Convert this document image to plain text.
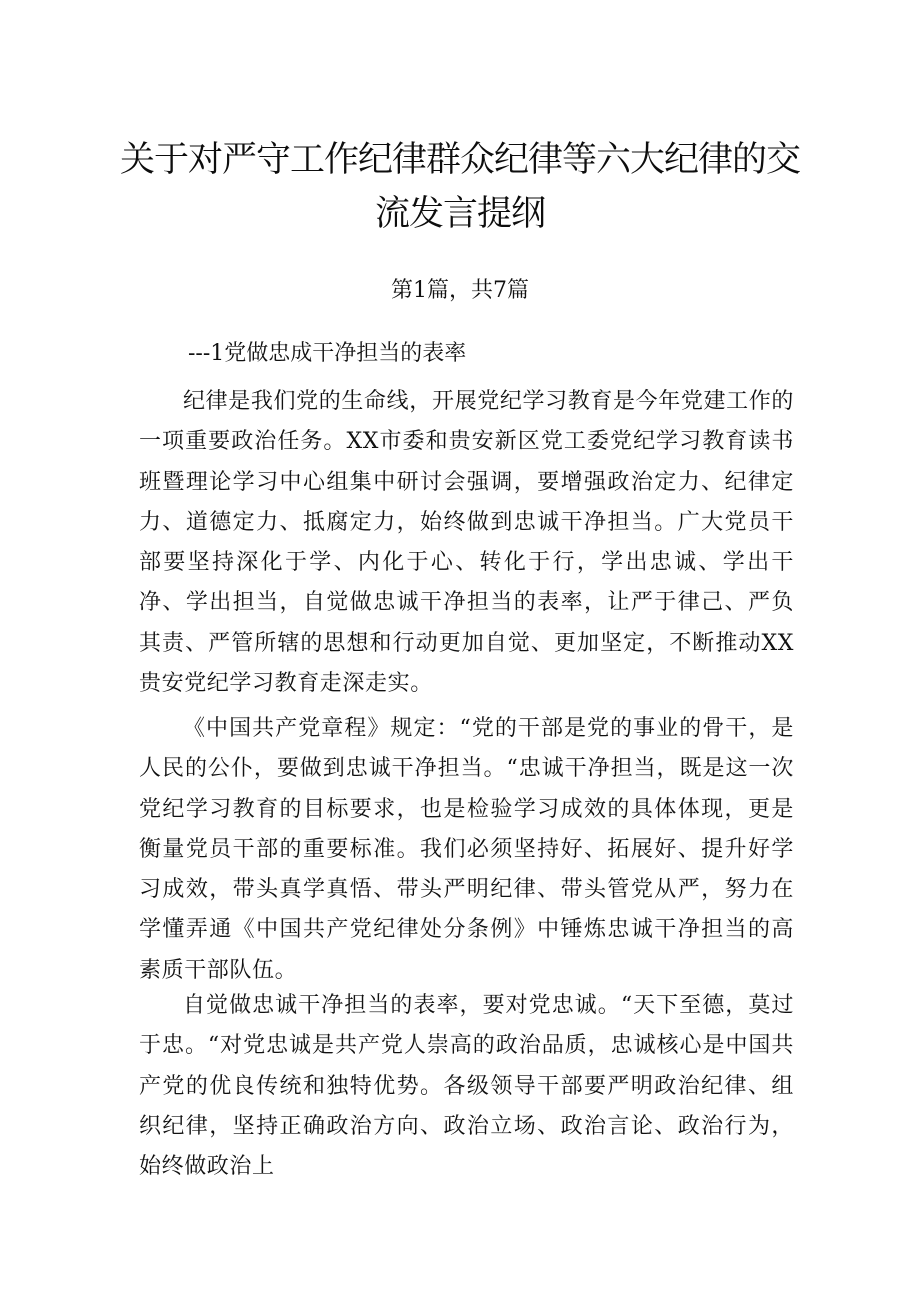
关于对严守工作纪律群众纪律等六大纪律的交流发言提纲
第1篇，共7篇
---1党做忠成干净担当的表率

纪律是我们党的生命线，开展党纪学习教育是今年党建工作的一项重要政治任务。XX市委和贵安新区党工委党纪学习教育读书班暨理论学习中心组集中研讨会强调，要增强政治定力、纪律定力、道德定力、抵腐定力，始终做到忠诚干净担当。广大党员干部要坚持深化于学、内化于心、转化于行，学出忠诚、学出干净、学出担当，自觉做忠诚干净担当的表率，让严于律己、严负其责、严管所辖的思想和行动更加自觉、更加坚定，不断推动XX贵安党纪学习教育走深走实。

《中国共产党章程》规定：“党的干部是党的事业的骨干，是人民的公仆，要做到忠诚干净担当。“忠诚干净担当，既是这一次党纪学习教育的目标要求，也是检验学习成效的具体体现，更是衡量党员干部的重要标准。我们必须坚持好、拓展好、提升好学习成效，带头真学真悟、带头严明纪律、带头管党从严，努力在学懂弄通《中国共产党纪律处分条例》中锤炼忠诚干净担当的高素质干部队伍。

自觉做忠诚干净担当的表率，要对党忠诚。“天下至德，莫过于忠。“对党忠诚是共产党人崇高的政治品质，忠诚核心是中国共产党的优良传统和独特优势。各级领导干部要严明政治纪律、组织纪律，坚持正确政治方向、政治立场、政治言论、政治行为，始终做政治上
